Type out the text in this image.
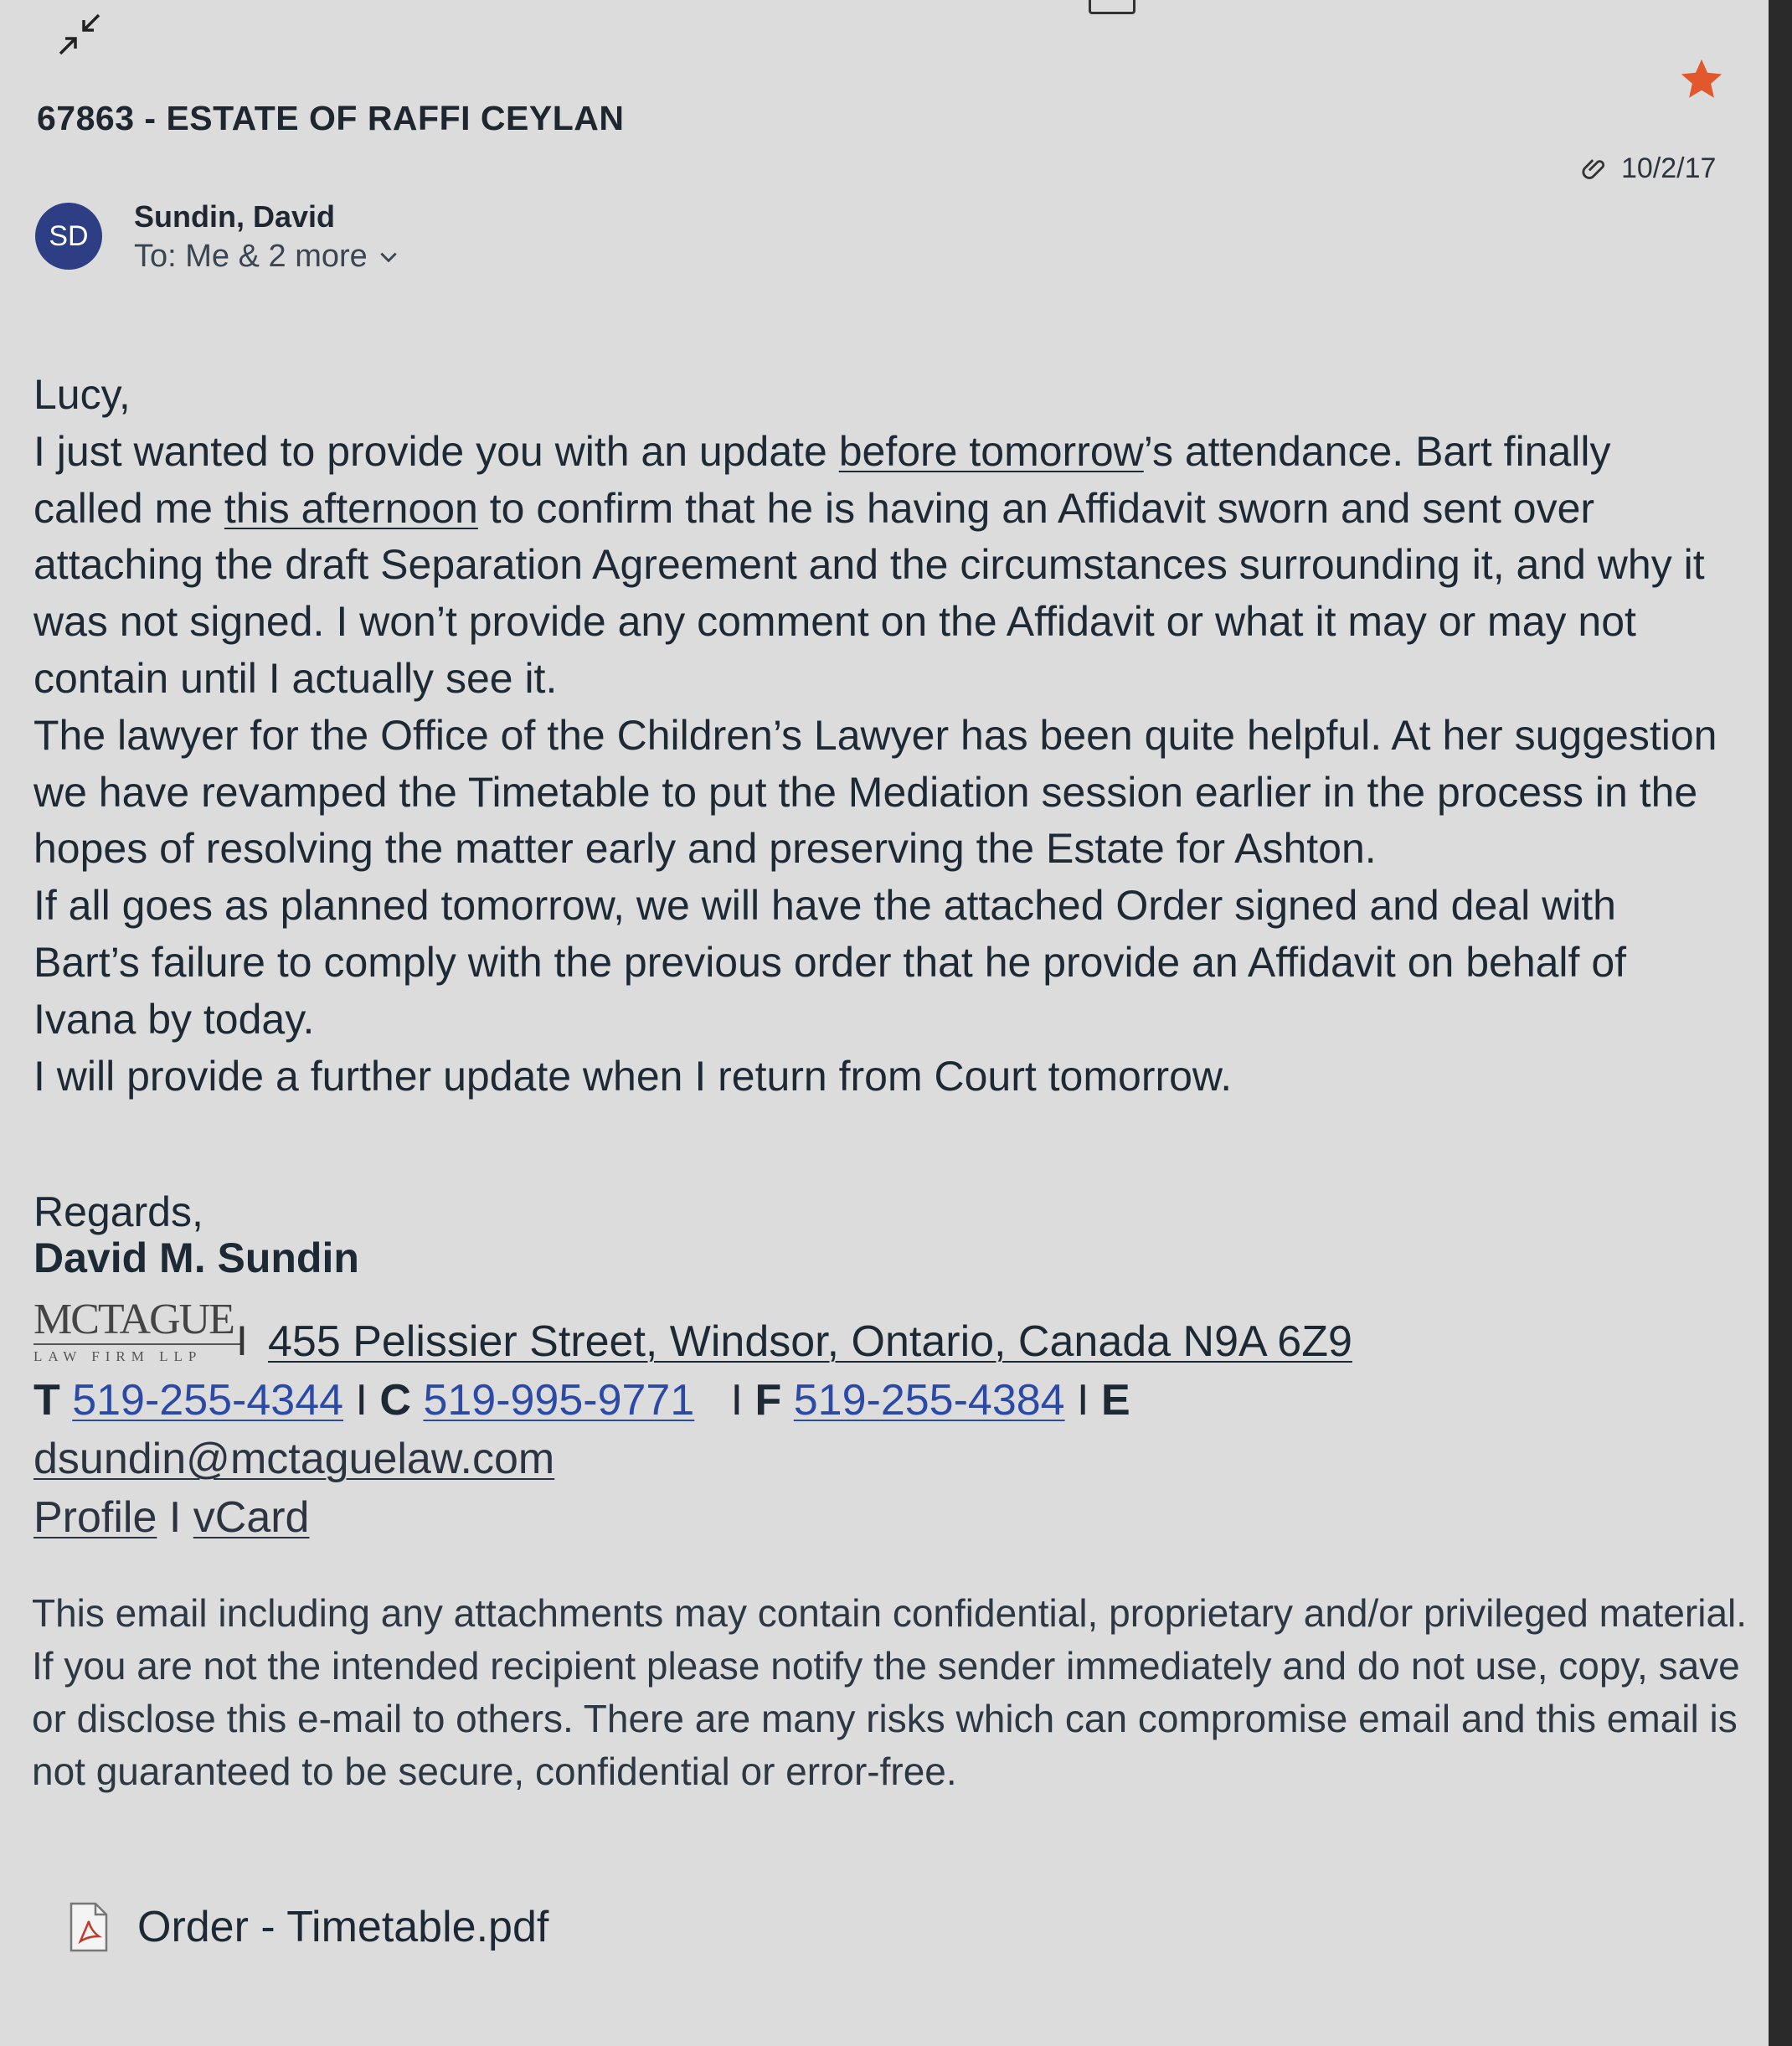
67863 - ESTATE OF RAFFI CEYLAN
10/2/17
SD
Sundin, David
To: Me & 2 more

Lucy,

I just wanted to provide you with an update before tomorrow’s attendance. Bart finally called me this afternoon to confirm that he is having an Affidavit sworn and sent over attaching the draft Separation Agreement and the circumstances surrounding it, and why it was not signed. I won’t provide any comment on the Affidavit or what it may or may not contain until I actually see it.

The lawyer for the Office of the Children’s Lawyer has been quite helpful. At her suggestion we have revamped the Timetable to put the Mediation session earlier in the process in the hopes of resolving the matter early and preserving the Estate for Ashton.

If all goes as planned tomorrow, we will have the attached Order signed and deal with Bart’s failure to comply with the previous order that he provide an Affidavit on behalf of Ivana by today.

I will provide a further update when I return from Court tomorrow.

Regards,
David M. Sundin
MCTAGUE
LAW FIRM LLP I 455 Pelissier Street, Windsor, Ontario, Canada N9A 6Z9
T 519-255-4344 I C 519-995-9771 I F 519-255-4384 I E
dsundin@mctaguelaw.com
Profile I vCard
This email including any attachments may contain confidential, proprietary and/or privileged material. If you are not the intended recipient please notify the sender immediately and do not use, copy, save or disclose this e-mail to others. There are many risks which can compromise email and this email is not guaranteed to be secure, confidential or error-free.
Order - Timetable.pdf
